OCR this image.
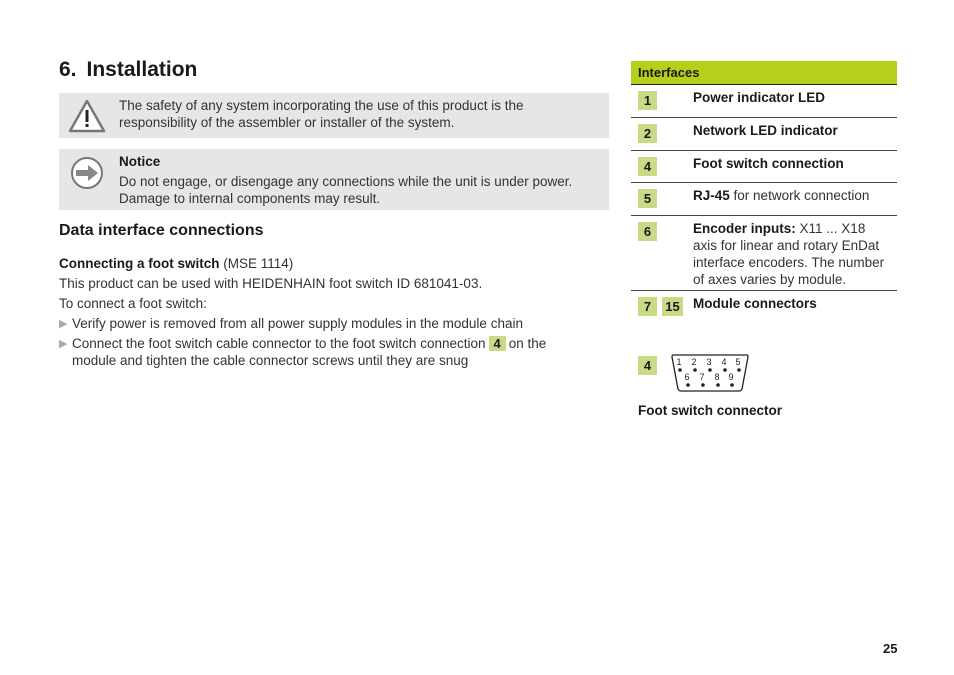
6. Installation
The safety of any system incorporating the use of this product is the responsibility of the assembler or installer of the system.
Notice
Do not engage, or disengage any connections while the unit is under power. Damage to internal components may result.
Data interface connections
Connecting a foot switch (MSE 1114)
This product can be used with HEIDENHAIN foot switch ID 681041-03.
To connect a foot switch:
▶ Verify power is removed from all power supply modules in the module chain
▶ Connect the foot switch cable connector to the foot switch connection 4 on the module and tighten the cable connector screws until they are snug
Interfaces
1	Power indicator LED
2	Network LED indicator
4	Foot switch connection
5	RJ-45 for network connection
6	Encoder inputs: X11 ... X18 axis for linear and rotary EnDat interface encoders. The number of axes varies by module.
7	15 Module connectors
4	1 2 3 4 5
6 7 8 9
Foot switch connector
25
